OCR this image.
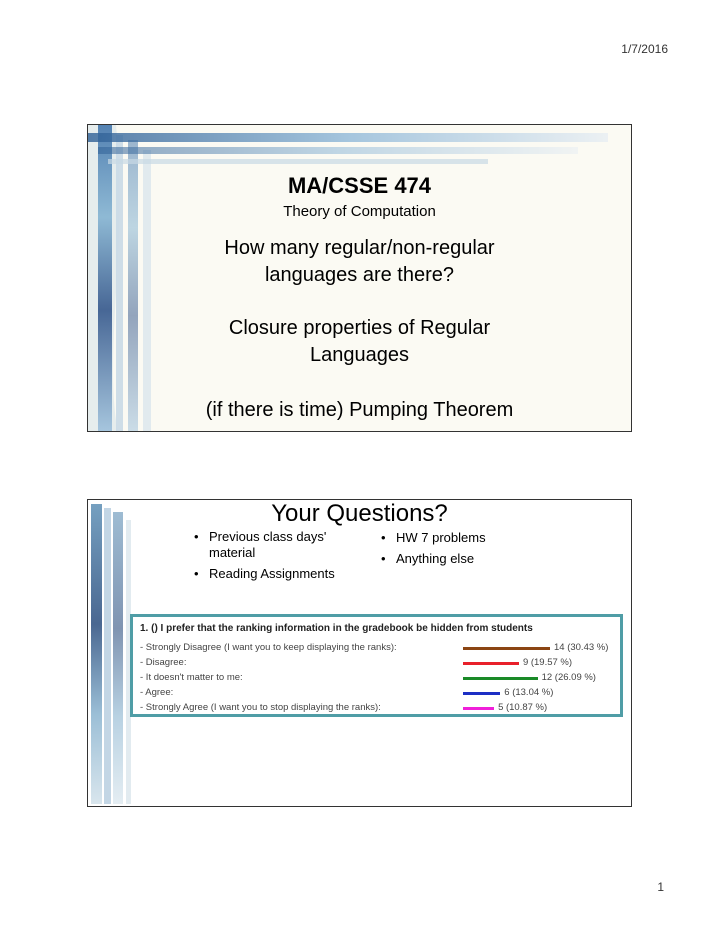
1/7/2016
MA/CSSE 474
Theory of Computation
How many regular/non-regular
languages are there?
Closure properties of Regular
Languages
(if there is time) Pumping Theorem
Your Questions?
• Previous class days' material
• Reading Assignments
• HW 7 problems
• Anything else
1. () I prefer that the ranking information in the gradebook be hidden from students
- Strongly Disagree (I want you to keep displaying the ranks):	14 (30.43 %)
- Disagree:	9 (19.57 %)
- It doesn't matter to me:	12 (26.09 %)
- Agree:	6 (13.04 %)
- Strongly Agree (I want you to stop displaying the ranks):	5 (10.87 %)
1
